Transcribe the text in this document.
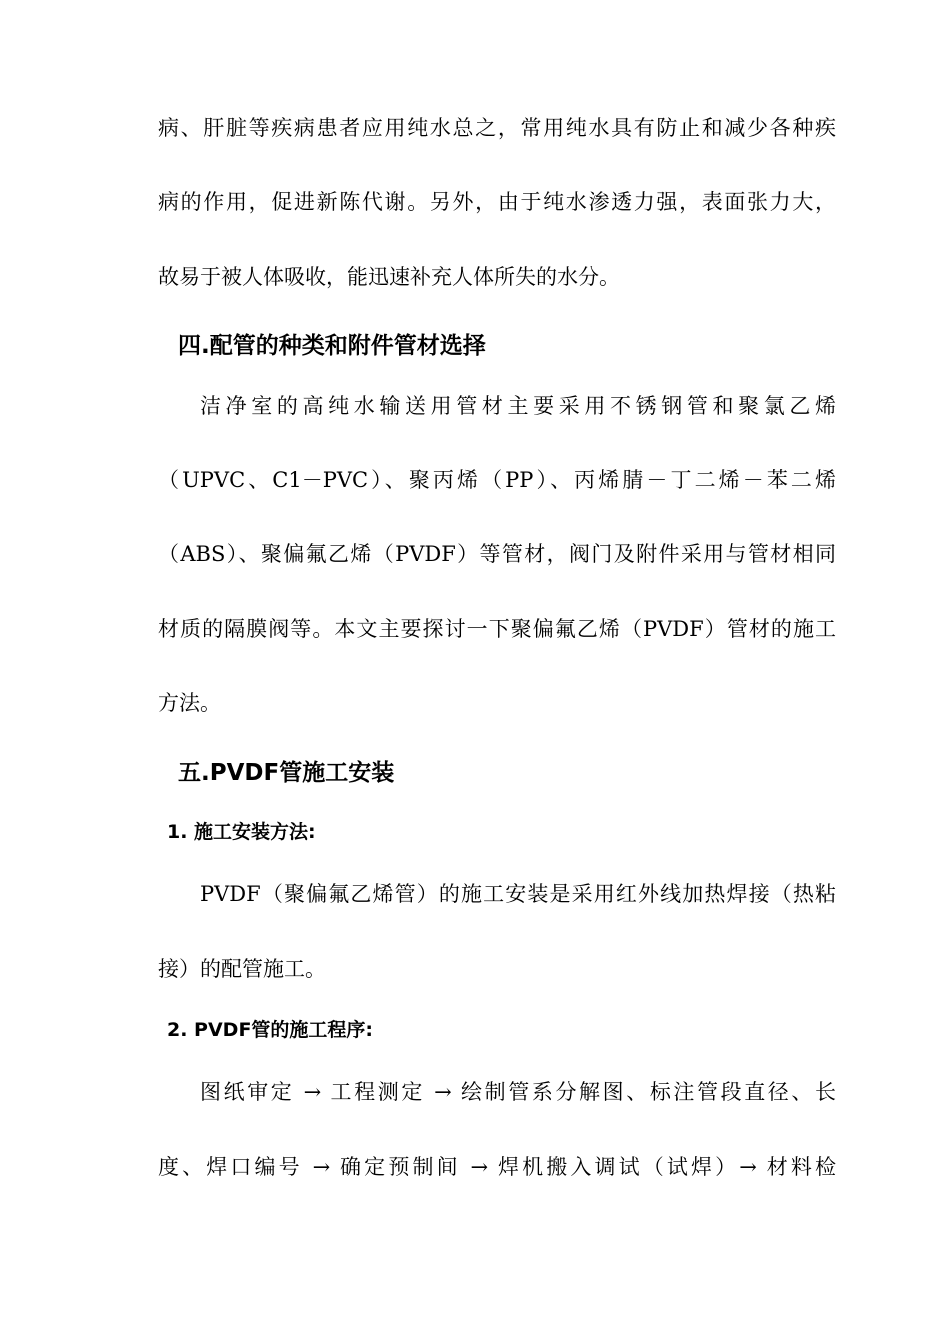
病、肝脏等疾病患者应用纯水总之，常用纯水具有防止和减少各种疾
病的作用，促进新陈代谢。另外，由于纯水渗透力强，表面张力大，
故易于被人体吸收，能迅速补充人体所失的水分。
四.配管的种类和附件管材选择
洁净室的高纯水输送用管材主要采用不锈钢管和聚氯乙烯
（UPVC、C1－PVC）、聚丙烯（PP）、丙烯腈－丁二烯－苯二烯
（ABS）、聚偏氟乙烯（PVDF）等管材，阀门及附件采用与管材相同
材质的隔膜阀等。本文主要探讨一下聚偏氟乙烯（PVDF）管材的施工
方法。
五.PVDF管施工安装
1. 施工安装方法:
PVDF（聚偏氟乙烯管）的施工安装是采用红外线加热焊接（热粘
接）的配管施工。
2. PVDF管的施工程序:
图纸审定 → 工程测定 → 绘制管系分解图、标注管段直径、长
度、焊口编号 → 确定预制间 → 焊机搬入调试（试焊）→ 材料检
